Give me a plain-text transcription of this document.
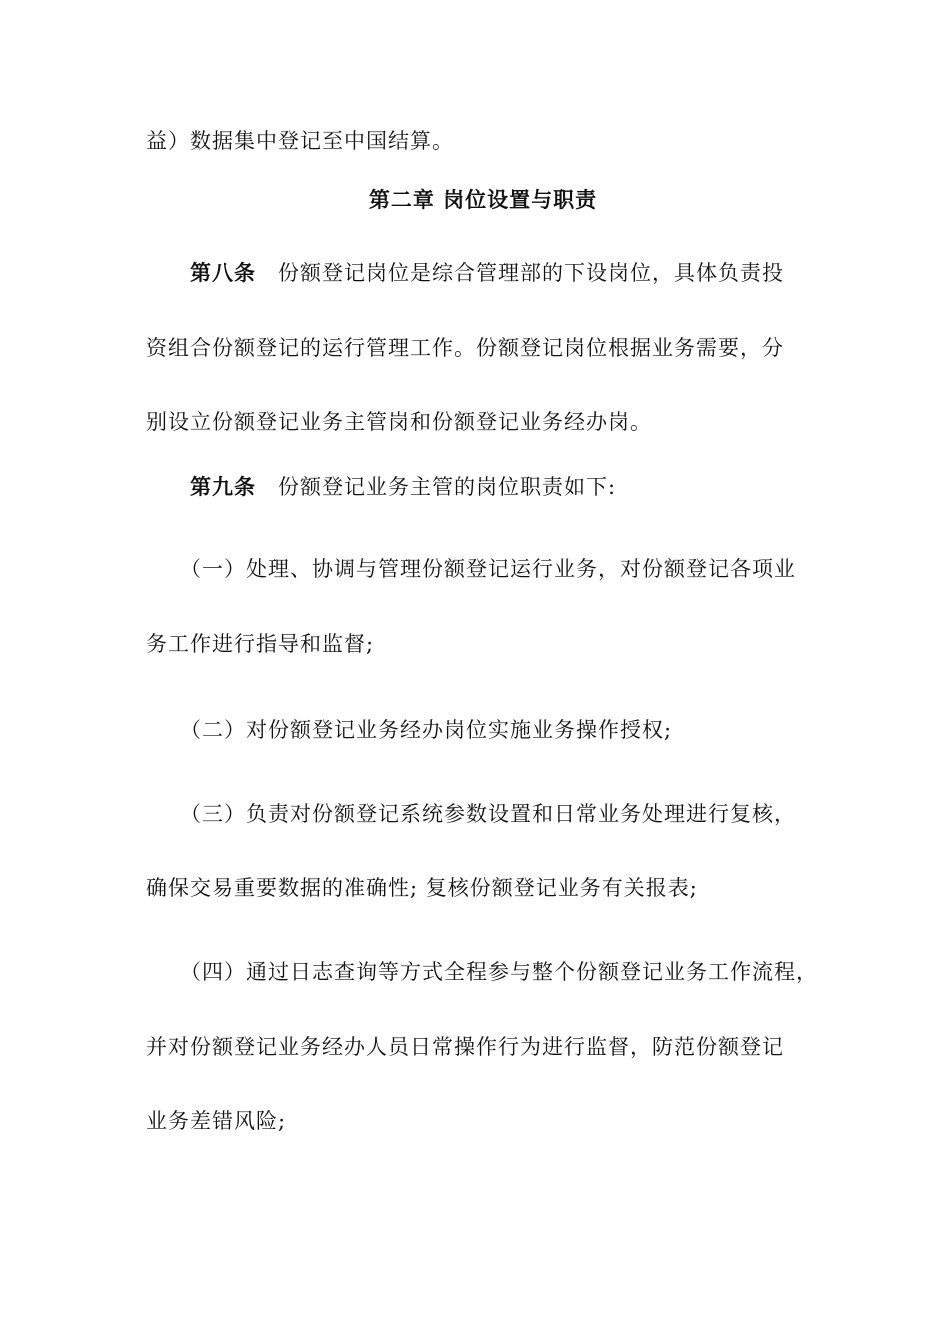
益）数据集中登记至中国结算。
第二章 岗位设置与职责
第八条 份额登记岗位是综合管理部的下设岗位，具体负责投
资组合份额登记的运行管理工作。份额登记岗位根据业务需要，分
别设立份额登记业务主管岗和份额登记业务经办岗。
第九条 份额登记业务主管的岗位职责如下:
（一）处理、协调与管理份额登记运行业务，对份额登记各项业
务工作进行指导和监督;
（二）对份额登记业务经办岗位实施业务操作授权;
（三）负责对份额登记系统参数设置和日常业务处理进行复核，
确保交易重要数据的准确性; 复核份额登记业务有关报表;
（四）通过日志查询等方式全程参与整个份额登记业务工作流程，
并对份额登记业务经办人员日常操作行为进行监督，防范份额登记
业务差错风险;
